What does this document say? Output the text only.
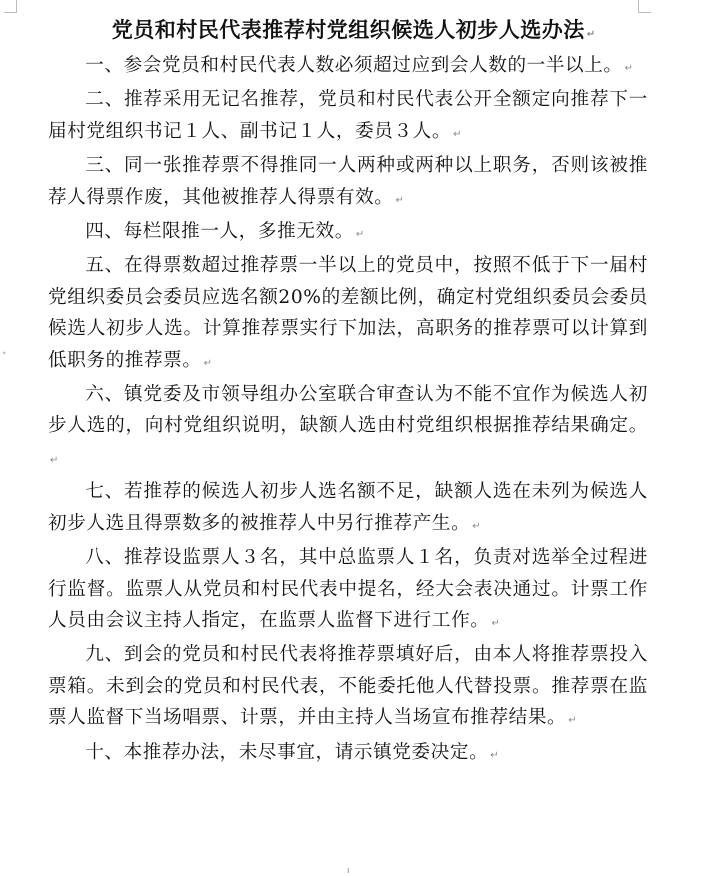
˅
党员和村民代表推荐村党组织候选人初步人选办法 ↵

一、参会党员和村民代表人数必须超过应到会人数的一半以上。 ↵

二、推荐采用无记名推荐，党员和村民代表公开全额定向推荐下一届村党组织书记１人、副书记１人，委员３人。 ↵

三、同一张推荐票不得推同一人两种或两种以上职务，否则该被推荐人得票作废，其他被推荐人得票有效。 ↵

四、每栏限推一人，多推无效。 ↵

五、在得票数超过推荐票一半以上的党员中，按照不低于下一届村党组织委员会委员应选名额20%的差额比例，确定村党组织委员会委员候选人初步人选。计算推荐票实行下加法，高职务的推荐票可以计算到低职务的推荐票。 ↵

六、镇党委及市领导组办公室联合审查认为不能不宜作为候选人初步人选的，向村党组织说明，缺额人选由村党组织根据推荐结果确定。↵

七、若推荐的候选人初步人选名额不足，缺额人选在未列为候选人初步人选且得票数多的被推荐人中另行推荐产生。 ↵

八、推荐设监票人３名，其中总监票人１名，负责对选举全过程进行监督。监票人从党员和村民代表中提名，经大会表决通过。计票工作人员由会议主持人指定，在监票人监督下进行工作。 ↵

九、到会的党员和村民代表将推荐票填好后，由本人将推荐票投入票箱。未到会的党员和村民代表，不能委托他人代替投票。推荐票在监票人监督下当场唱票、计票，并由主持人当场宣布推荐结果。 ↵

十、本推荐办法，未尽事宜，请示镇党委决定。 ↵

ı
